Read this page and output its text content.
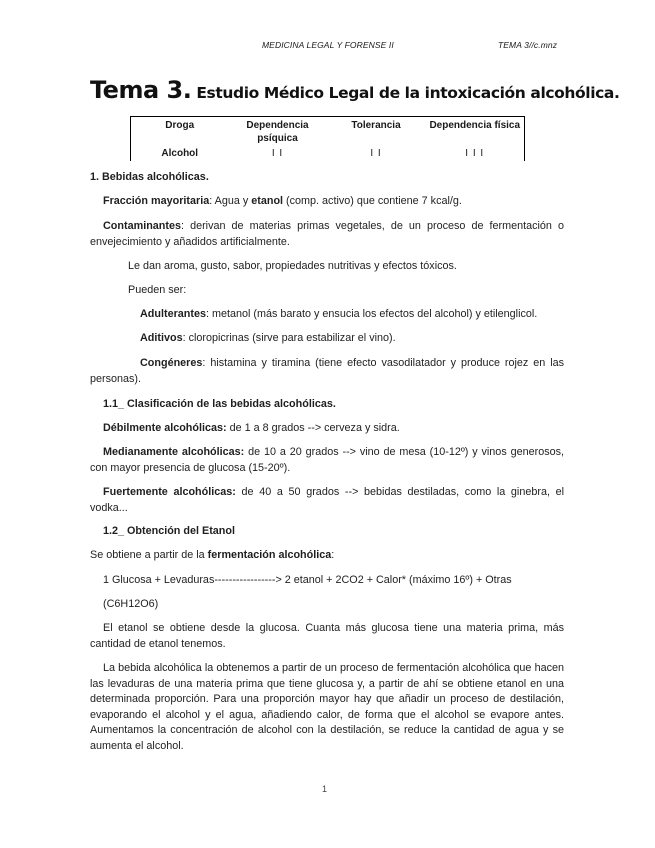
MEDICINA LEGAL Y FORENSE II	TEMA 3//c.mnz
Tema 3. Estudio Médico Legal de la intoxicación alcohólica.
Droga	Dependencia psíquica	Tolerancia	Dependencia física
Alcohol	I I	I I	I I I
1. Bebidas alcohólicas.
Fracción mayoritaria: Agua y etanol (comp. activo) que contiene 7 kcal/g.
Contaminantes: derivan de materias primas vegetales, de un proceso de fermentación o envejecimiento y añadidos artificialmente.
Le dan aroma, gusto, sabor, propiedades nutritivas y efectos tóxicos.
Pueden ser:
Adulterantes: metanol (más barato y ensucia los efectos del alcohol) y etilenglicol.
Aditivos: cloropicrinas (sirve para estabilizar el vino).
Congéneres: histamina y tiramina (tiene efecto vasodilatador y produce rojez en las personas).
1.1_ Clasificación de las bebidas alcohólicas.
Débilmente alcohólicas: de 1 a 8 grados --> cerveza y sidra.
Medianamente alcohólicas: de 10 a 20 grados --> vino de mesa (10-12º) y vinos generosos, con mayor presencia de glucosa (15-20º).
Fuertemente alcohólicas: de 40 a 50 grados --> bebidas destiladas, como la ginebra, el vodka...
1.2_ Obtención del Etanol
Se obtiene a partir de la fermentación alcohólica:
1 Glucosa + Levaduras-----------------> 2 etanol + 2CO2 + Calor* (máximo 16º) + Otras
(C6H12O6)
El etanol se obtiene desde la glucosa. Cuanta más glucosa tiene una materia prima, más cantidad de etanol tenemos.
La bebida alcohólica la obtenemos a partir de un proceso de fermentación alcohólica que hacen las levaduras de una materia prima que tiene glucosa y, a partir de ahí se obtiene etanol en una determinada proporción. Para una proporción mayor hay que añadir un proceso de destilación, evaporando el alcohol y el agua, añadiendo calor, de forma que el alcohol se evapore antes. Aumentamos la concentración de alcohol con la destilación, se reduce la cantidad de agua y se aumenta el alcohol.
1
